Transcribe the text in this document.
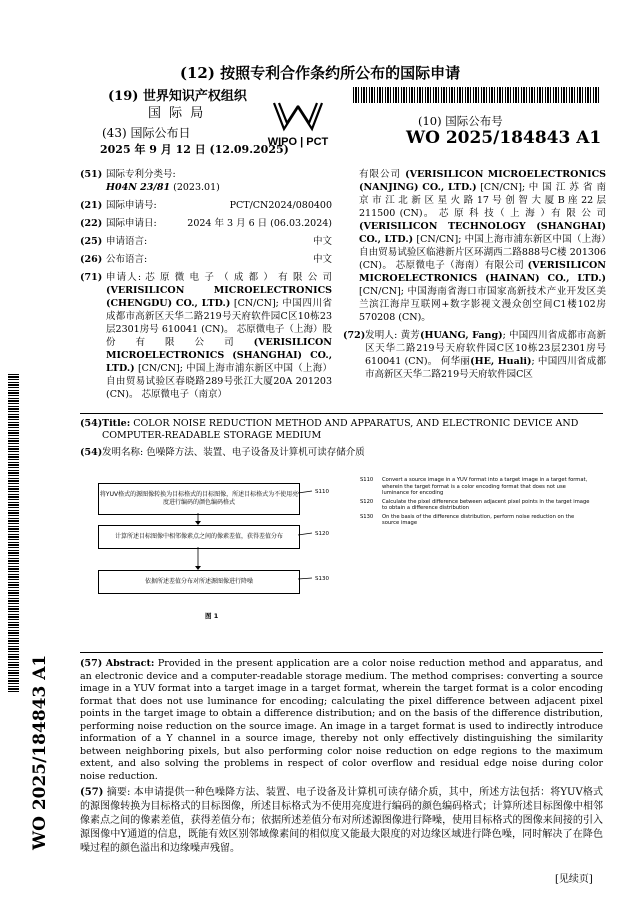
(12) 按照专利合作条约所公布的国际申请
(19) 世界知识产权组织
国 际 局
(43) 国际公布日
2025 年 9 月 12 日 (12.09.2025)
WIPO | PCT
(10) 国际公布号
WO 2025/184843 A1
WO 2025/184843 A1
(51) 国际专利分类号:
H04N 23/81 (2023.01)
(21) 国际申请号:	PCT/CN2024/080400
(22) 国际申请日:	2024 年 3 月 6 日 (06.03.2024)
(25) 申请语言:	中文
(26) 公布语言:	中文
(71) 申请人: 芯 原 微 电 子 （ 成 都 ） 有 限 公 司 (VERISILICON MICROELECTRONICS (CHENGDU) CO., LTD.) [CN/CN]; 中国四川省成都市高新区天华二路219号天府软件园C区10栋23层2301房号 610041 (CN)。 芯原微电子（上海）股份有限公司(VERISILICON MICROELECTRONICS (SHANGHAI) CO., LTD.) [CN/CN]; 中国上海市浦东新区中国（上海）自由贸易试验区春晓路289号张江大厦20A 201203 (CN)。 芯原微电子（南京）
有限公司 (VERISILICON MICROELECTRONICS (NANJING) CO., LTD.) [CN/CN]; 中 国 江 苏 省 南 京 市 江 北 新 区 星 火 路 17 号 创 智 大 厦 B 座 22 层 211500 (CN)。 芯 原 科 技（ 上 海 ）有 限 公 司 (VERISILICON TECHNOLOGY (SHANGHAI) CO., LTD.) [CN/CN]; 中国上海市浦东新区中国（上海）自由贸易试验区临港新片区环湖西二路888号C楼 201306 (CN)。 芯原微电子（海南）有限公司 (VERISILICON MICROELECTRONICS (HAINAN) CO., LTD.) [CN/CN]; 中国海南省海口市国家高新技术产业开发区美兰滨江海岸互联网+数字影视文漫众创空间C1楼102房 570208 (CN)。
(72) 发明人: 黄芳(HUANG, Fang); 中国四川省成都市高新区天华二路219号天府软件园C区10栋23层2301房号 610041 (CN)。 何华丽(HE, Huali); 中国四川省成都市高新区天华二路219号天府软件园C区
(54) Title: COLOR NOISE REDUCTION METHOD AND APPARATUS, AND ELECTRONIC DEVICE AND COMPUTER-READABLE STORAGE MEDIUM
(54) 发明名称: 色噪降方法、装置、电子设备及计算机可读存储介质
将YUV格式的源图像转换为目标格式的目标图像，所述目标格式为不使用亮度进行编码的颜色编码格式
S110
计算所述目标图像中相邻像素点之间的像素差值，获得差值分布	S120
依据所述差值分布对所述源图像进行降噪	S130
图 1
S110 Convert a source image in a YUV format into a target image in a target format, wherein the target format is a color encoding format that does not use luminance for encoding
S120 Calculate the pixel difference between adjacent pixel points in the target image to obtain a difference distribution
S130 On the basis of the difference distribution, perform noise reduction on the source image
(57) Abstract: Provided in the present application are a color noise reduction method and apparatus, and an electronic device and a computer-readable storage medium. The method comprises: converting a source image in a YUV format into a target image in a target format, wherein the target format is a color encoding format that does not use luminance for encoding; calculating the pixel difference between adjacent pixel points in the target image to obtain a difference distribution; and on the basis of the difference distribution, performing noise reduction on the source image. An image in a target format is used to indirectly introduce information of a Y channel in a source image, thereby not only effectively distinguishing the similarity between neighboring pixels, but also performing color noise reduction on edge regions to the maximum extent, and also solving the problems in respect of color overflow and residual edge noise during color noise reduction.
(57) 摘要: 本申请提供一种色噪降方法、装置、电子设备及计算机可读存储介质，其中，所述方法包括：将YUV格式的源图像转换为目标格式的目标图像，所述目标格式为不使用亮度进行编码的颜色编码格式；计算所述目标图像中相邻像素点之间的像素差值，获得差值分布；依据所述差值分布对所述源图像进行降噪，使用目标格式的图像来间接的引入源图像中Y通道的信息，既能有效区别邻域像素间的相似度又能最大限度的对边缘区域进行降色噪，同时解决了在降色噪过程的颜色溢出和边缘噪声残留。
[见续页]
